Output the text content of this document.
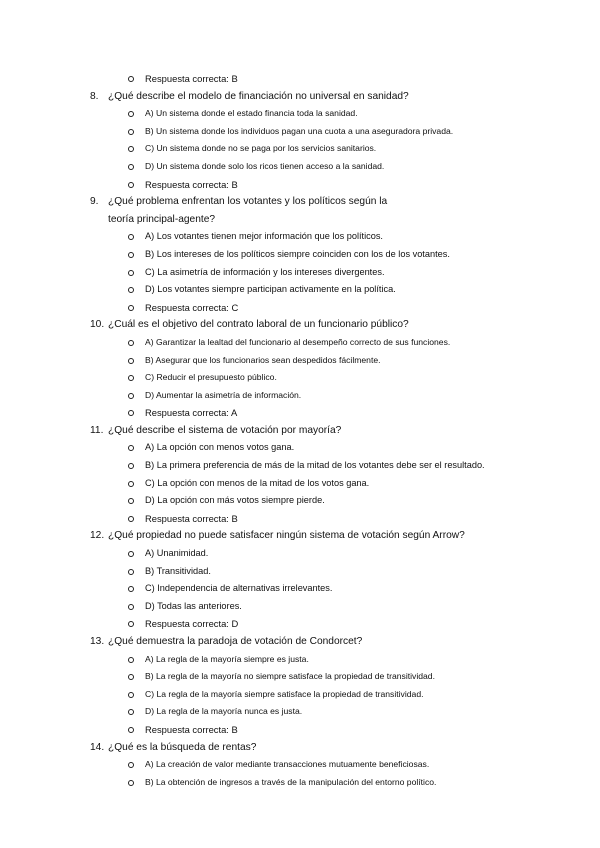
Respuesta correcta: B
8. ¿Qué describe el modelo de financiación no universal en sanidad?
A) Un sistema donde el estado financia toda la sanidad.
B) Un sistema donde los individuos pagan una cuota a una aseguradora privada.
C) Un sistema donde no se paga por los servicios sanitarios.
D) Un sistema donde solo los ricos tienen acceso a la sanidad.
Respuesta correcta: B
9. ¿Qué problema enfrentan los votantes y los políticos según la teoría principal-agente?
A) Los votantes tienen mejor información que los políticos.
B) Los intereses de los políticos siempre coinciden con los de los votantes.
C) La asimetría de información y los intereses divergentes.
D) Los votantes siempre participan activamente en la política.
Respuesta correcta: C
10. ¿Cuál es el objetivo del contrato laboral de un funcionario público?
A) Garantizar la lealtad del funcionario al desempeño correcto de sus funciones.
B) Asegurar que los funcionarios sean despedidos fácilmente.
C) Reducir el presupuesto público.
D) Aumentar la asimetría de información.
Respuesta correcta: A
11. ¿Qué describe el sistema de votación por mayoría?
A) La opción con menos votos gana.
B) La primera preferencia de más de la mitad de los votantes debe ser el resultado.
C) La opción con menos de la mitad de los votos gana.
D) La opción con más votos siempre pierde.
Respuesta correcta: B
12. ¿Qué propiedad no puede satisfacer ningún sistema de votación según Arrow?
A) Unanimidad.
B) Transitividad.
C) Independencia de alternativas irrelevantes.
D) Todas las anteriores.
Respuesta correcta: D
13. ¿Qué demuestra la paradoja de votación de Condorcet?
A) La regla de la mayoría siempre es justa.
B) La regla de la mayoría no siempre satisface la propiedad de transitividad.
C) La regla de la mayoría siempre satisface la propiedad de transitividad.
D) La regla de la mayoría nunca es justa.
Respuesta correcta: B
14. ¿Qué es la búsqueda de rentas?
A) La creación de valor mediante transacciones mutuamente beneficiosas.
B) La obtención de ingresos a través de la manipulación del entorno político.
